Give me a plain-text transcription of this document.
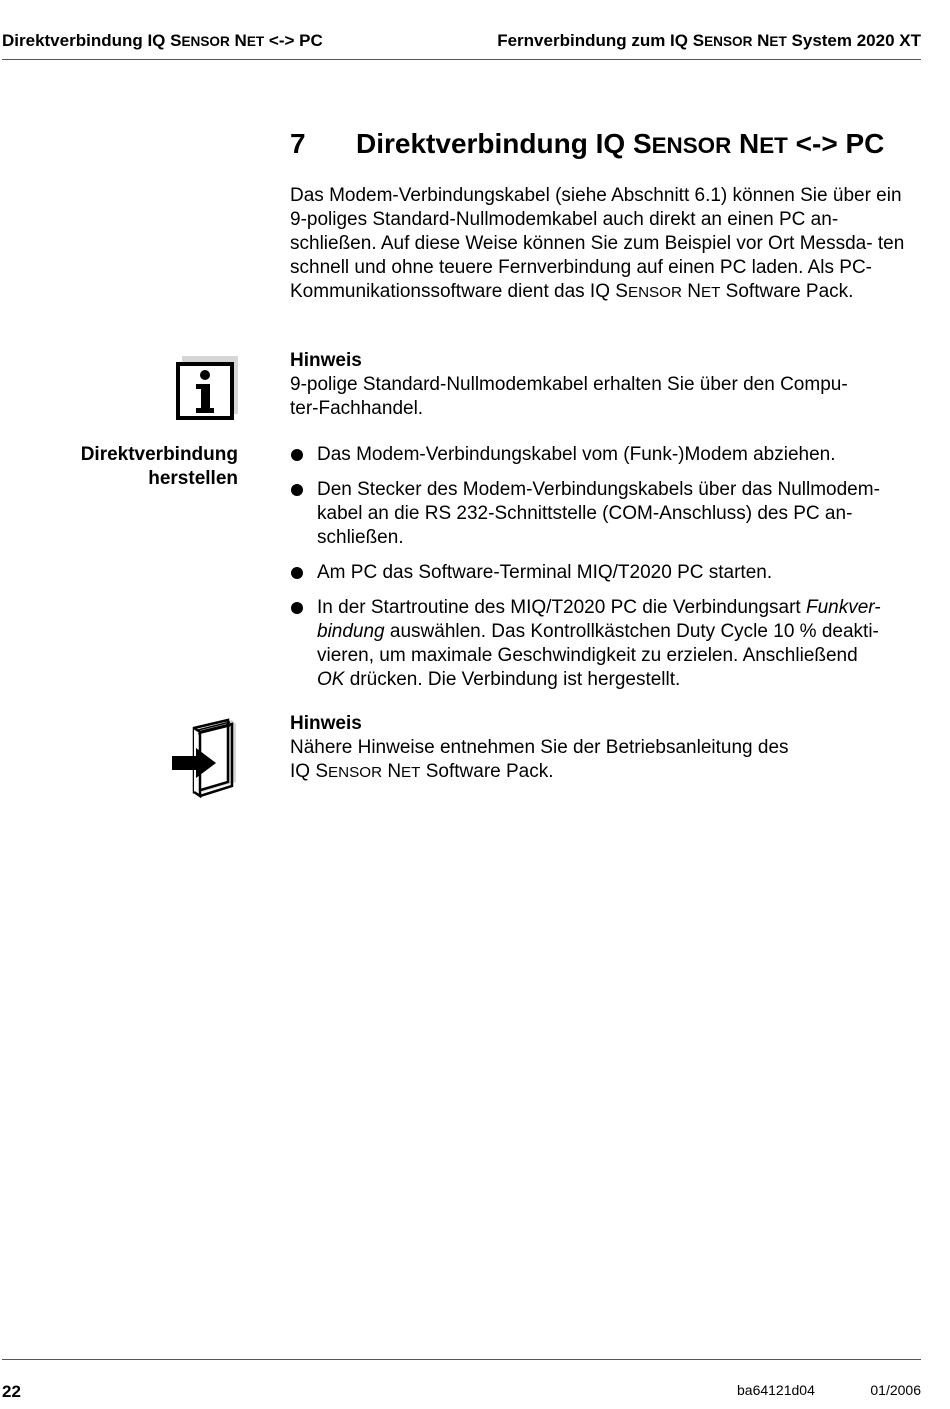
Direktverbindung IQ SENSOR NET <-> PC	Fernverbindung zum IQ SENSOR NET System 2020 XT
7 Direktverbindung IQ SENSOR NET <-> PC

Das Modem-Verbindungskabel (siehe Abschnitt 6.1) können Sie über ein 9-poliges Standard-Nullmodemkabel auch direkt an einen PC an- schließen. Auf diese Weise können Sie zum Beispiel vor Ort Messda- ten schnell und ohne teuere Fernverbindung auf einen PC laden. Als PC-Kommunikationssoftware dient das IQ SENSOR NET Software Pack.

Hinweis
9-polige Standard-Nullmodemkabel erhalten Sie über den Compu-
ter-Fachhandel.
Direktverbindung
herstellen
Das Modem-Verbindungskabel vom (Funk-)Modem abziehen.
Den Stecker des Modem-Verbindungskabels über das Nullmodem-
kabel an die RS 232-Schnittstelle (COM-Anschluss) des PC an-
schließen.
Am PC das Software-Terminal MIQ/T2020 PC starten.
In der Startroutine des MIQ/T2020 PC die Verbindungsart Funkver-
bindung auswählen. Das Kontrollkästchen Duty Cycle 10 % deakti-
vieren, um maximale Geschwindigkeit zu erzielen. Anschließend
OK drücken. Die Verbindung ist hergestellt.
Hinweis
Nähere Hinweise entnehmen Sie der Betriebsanleitung des
IQ SENSOR NET Software Pack.
22	ba64121d04	01/2006
